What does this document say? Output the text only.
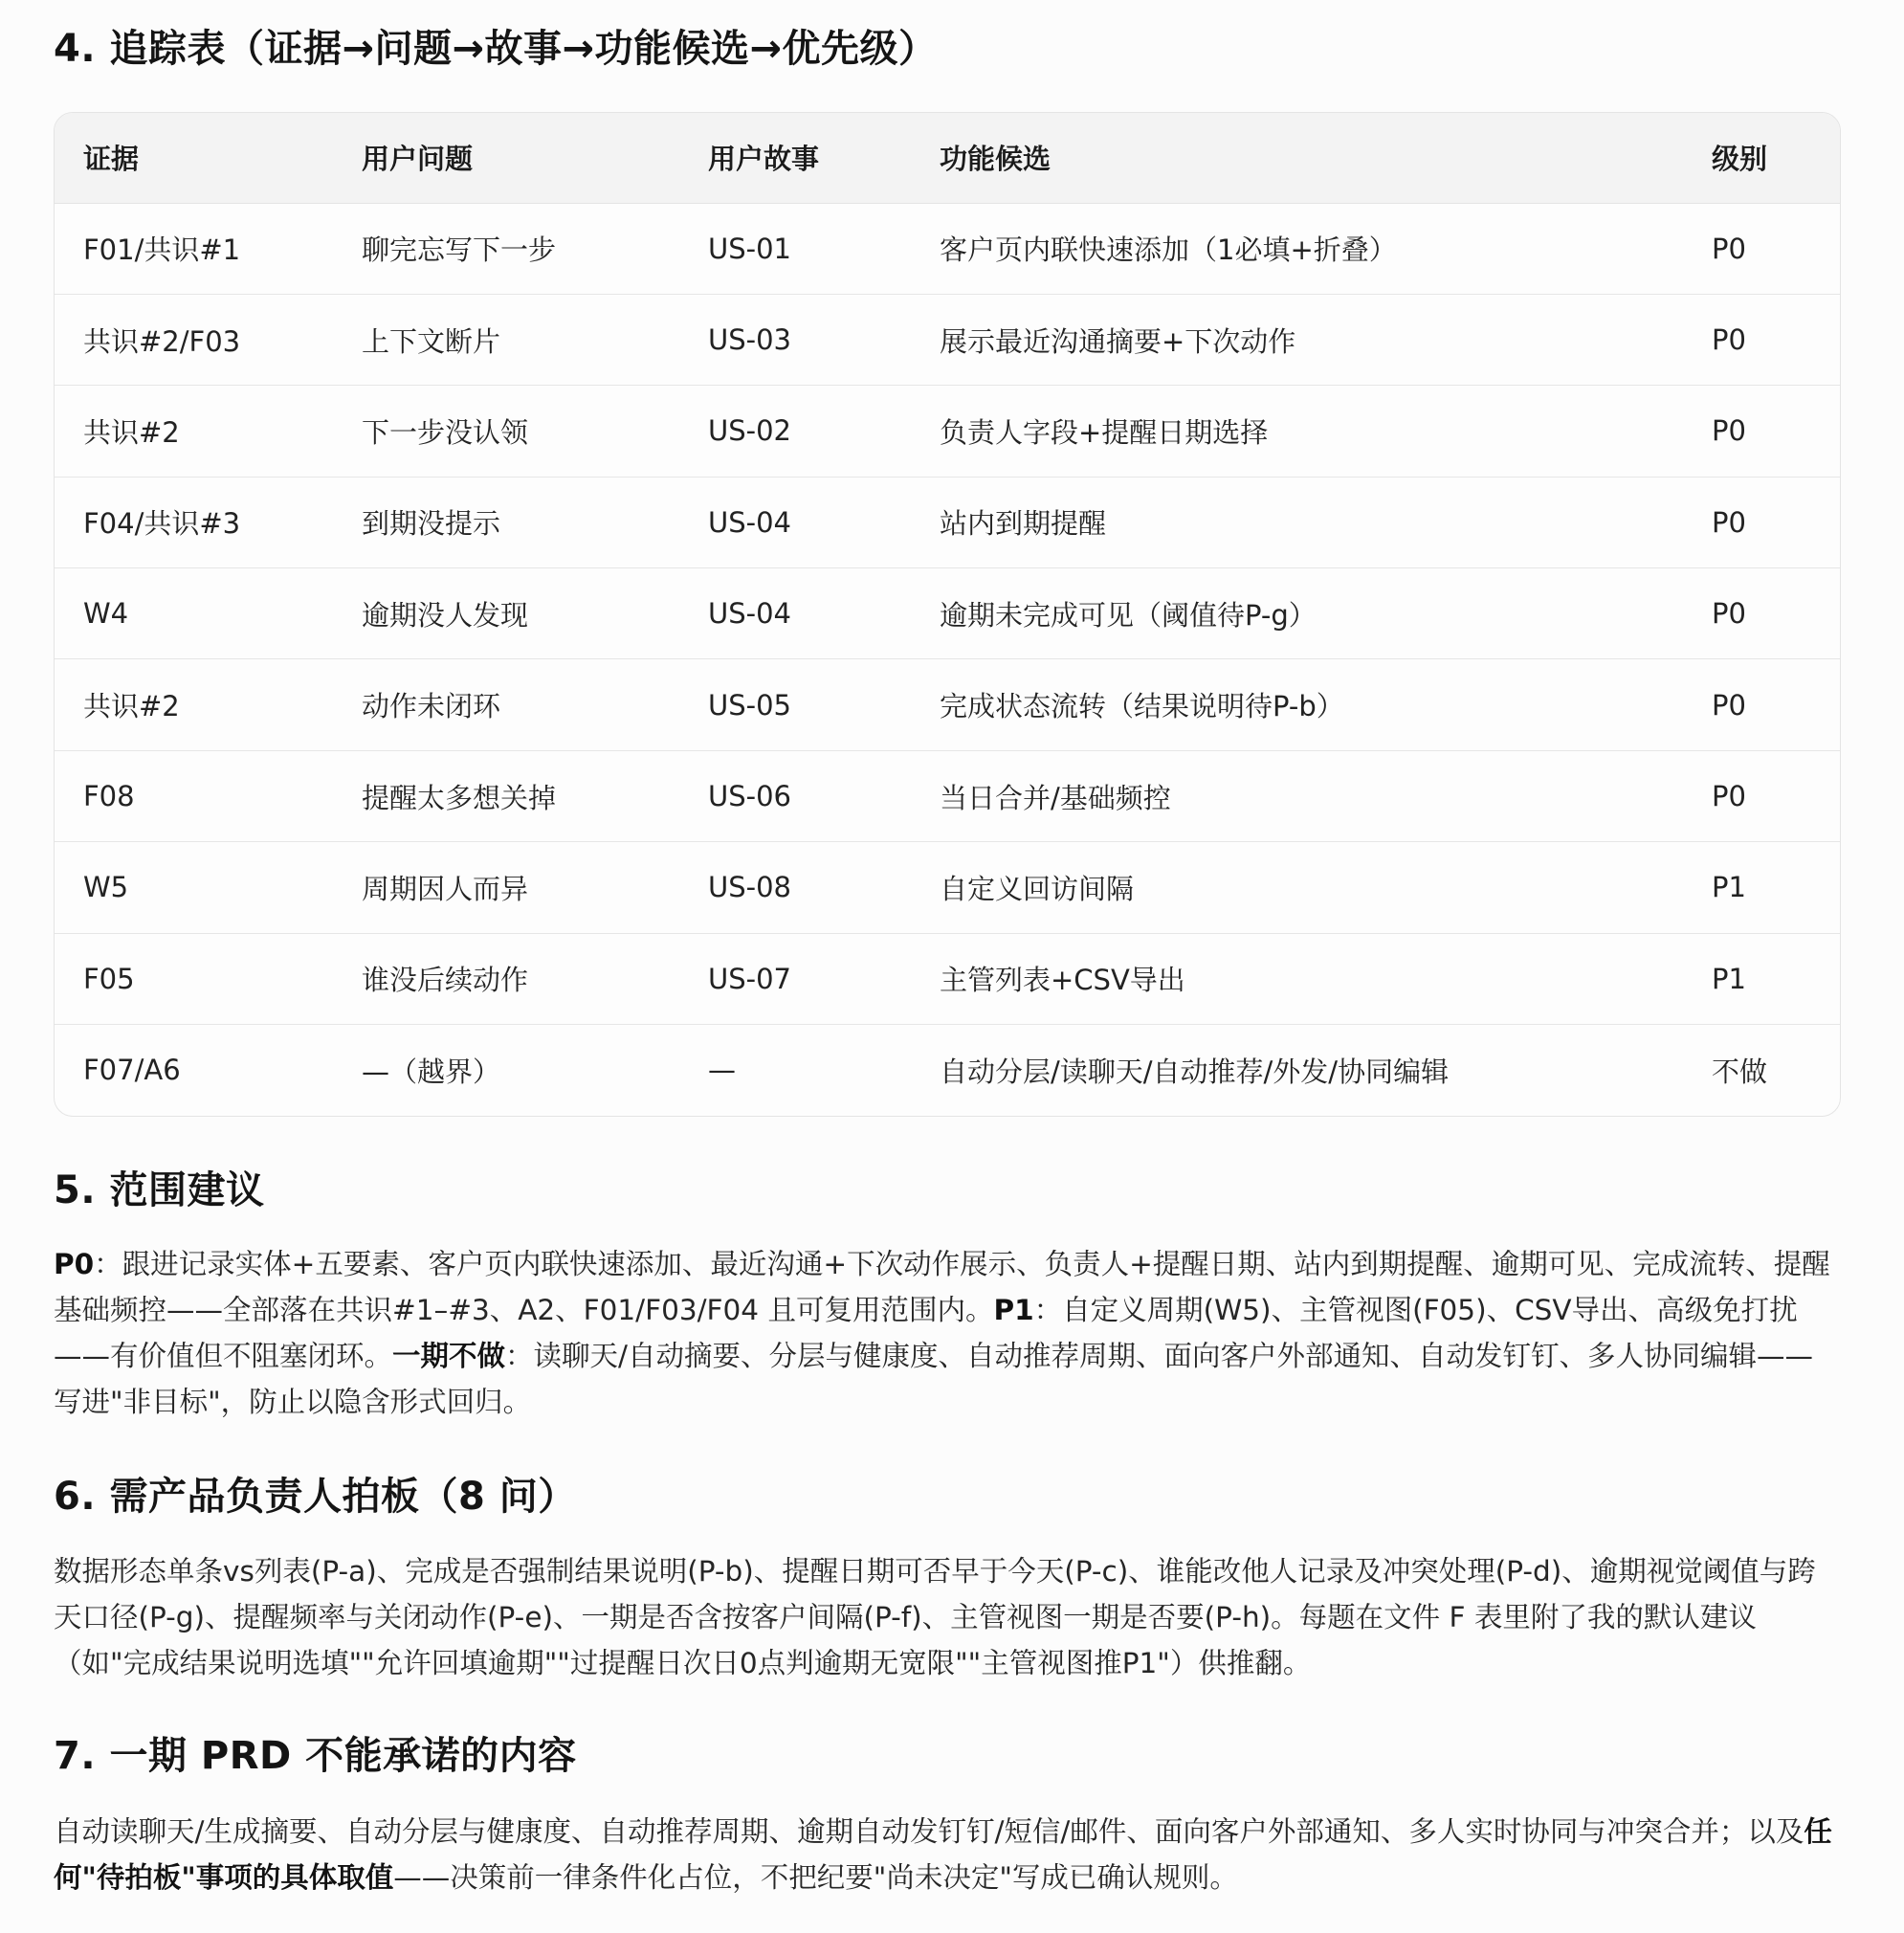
4. 追踪表（证据→问题→故事→功能候选→优先级）
证据	用户问题	用户故事	功能候选	级别
F01/共识#1	聊完忘写下一步	US-01	客户页内联快速添加（1必填+折叠）	P0
共识#2/F03	上下文断片	US-03	展示最近沟通摘要+下次动作	P0
共识#2	下一步没认领	US-02	负责人字段+提醒日期选择	P0
F04/共识#3	到期没提示	US-04	站内到期提醒	P0
W4	逾期没人发现	US-04	逾期未完成可见（阈值待P-g）	P0
共识#2	动作未闭环	US-05	完成状态流转（结果说明待P-b）	P0
F08	提醒太多想关掉	US-06	当日合并/基础频控	P0
W5	周期因人而异	US-08	自定义回访间隔	P1
F05	谁没后续动作	US-07	主管列表+CSV导出	P1
F07/A6	—（越界）	—	自动分层/读聊天/自动推荐/外发/协同编辑	不做
5. 范围建议

P0：跟进记录实体+五要素、客户页内联快速添加、最近沟通+下次动作展示、负责人+提醒日期、站内到期提醒、逾期可见、完成流转、提醒基础频控——全部落在共识#1–#3、A2、F01/F03/F04 且可复用范围内。P1：自定义周期(W5)、主管视图(F05)、CSV导出、高级免打扰——有价值但不阻塞闭环。一期不做：读聊天/自动摘要、分层与健康度、自动推荐周期、面向客户外部通知、自动发钉钉、多人协同编辑——写进"非目标"，防止以隐含形式回归。

6. 需产品负责人拍板（8 问）

数据形态单条vs列表(P-a)、完成是否强制结果说明(P-b)、提醒日期可否早于今天(P-c)、谁能改他人记录及冲突处理(P-d)、逾期视觉阈值与跨天口径(P-g)、提醒频率与关闭动作(P-e)、一期是否含按客户间隔(P-f)、主管视图一期是否要(P-h)。每题在文件 F 表里附了我的默认建议（如"完成结果说明选填""允许回填逾期""过提醒日次日0点判逾期无宽限""主管视图推P1"）供推翻。

7. 一期 PRD 不能承诺的内容

自动读聊天/生成摘要、自动分层与健康度、自动推荐周期、逾期自动发钉钉/短信/邮件、面向客户外部通知、多人实时协同与冲突合并；以及任何"待拍板"事项的具体取值——决策前一律条件化占位，不把纪要"尚未决定"写成已确认规则。
